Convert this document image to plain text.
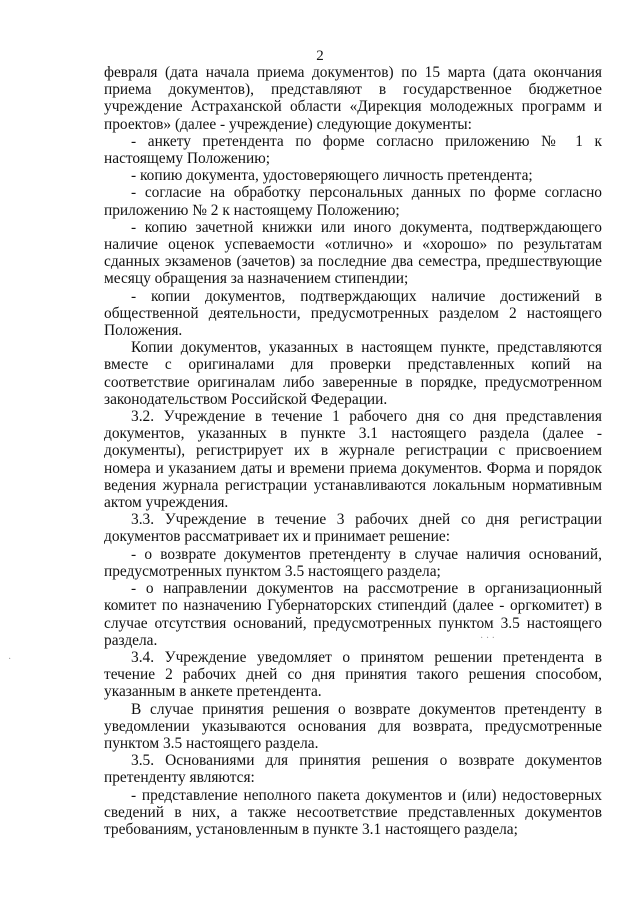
2

февраля (дата начала приема документов) по 15 марта (дата окончания приема документов), представляют в государственное бюджетное учреждение Астраханской области «Дирекция молодежных программ и проектов» (далее - учреждение) следующие документы:

- анкету претендента по форме согласно приложению № 1 к настоящему Положению;

- копию документа, удостоверяющего личность претендента;

- согласие на обработку персональных данных по форме согласно приложению № 2 к настоящему Положению;

- копию зачетной книжки или иного документа, подтверждающего наличие оценок успеваемости «отлично» и «хорошо» по результатам сданных экзаменов (зачетов) за последние два семестра, предшествующие месяцу обращения за назначением стипендии;

- копии документов, подтверждающих наличие достижений в общественной деятельности, предусмотренных разделом 2 настоящего Положения.

Копии документов, указанных в настоящем пункте, представляются вместе с оригиналами для проверки представленных копий на соответствие оригиналам либо заверенные в порядке, предусмотренном законодательством Российской Федерации.

3.2. Учреждение в течение 1 рабочего дня со дня представления документов, указанных в пункте 3.1 настоящего раздела (далее - документы), регистрирует их в журнале регистрации с присвоением номера и указанием даты и времени приема документов. Форма и порядок ведения журнала регистрации устанавливаются локальным нормативным актом учреждения.

3.3. Учреждение в течение 3 рабочих дней со дня регистрации документов рассматривает их и принимает решение:

- о возврате документов претенденту в случае наличия оснований, предусмотренных пунктом 3.5 настоящего раздела;

- о направлении документов на рассмотрение в организационный комитет по назначению Губернаторских стипендий (далее - оргкомитет) в случае отсутствия оснований, предусмотренных пунктом 3.5 настоящего раздела.

3.4. Учреждение уведомляет о принятом решении претендента в течение 2 рабочих дней со дня принятия такого решения способом, указанным в анкете претендента.

В случае принятия решения о возврате документов претенденту в уведомлении указываются основания для возврата, предусмотренные пунктом 3.5 настоящего раздела.

3.5. Основаниями для принятия решения о возврате документов претенденту являются:

- представление неполного пакета документов и (или) недостоверных сведений в них, а также несоответствие представленных документов требованиям, установленным в пункте 3.1 настоящего раздела;

·
· · ·
